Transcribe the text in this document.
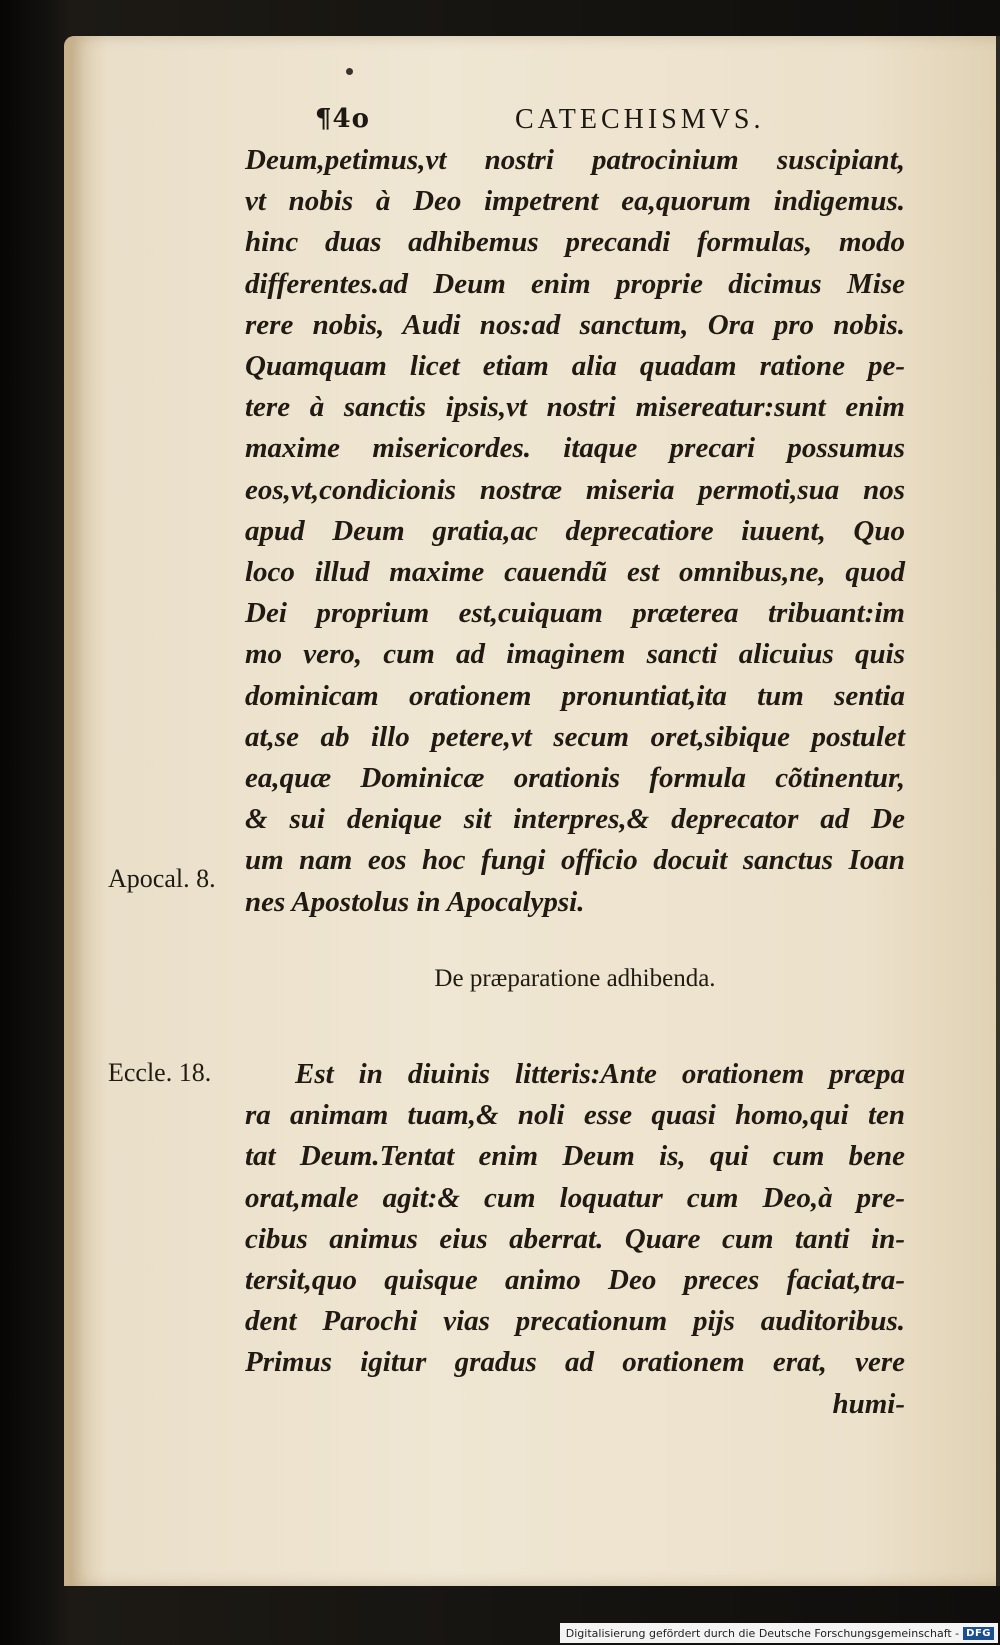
¶4o	CATECHISMVS.
Deum,petimus,vt nostri patrocinium suscipiant,
vt nobis à Deo impetrent ea,quorum indigemus.
hinc duas adhibemus precandi formulas, modo
differentes.ad Deum enim proprie dicimus Mise
rere nobis, Audi nos:ad sanctum, Ora pro nobis.
Quamquam licet etiam alia quadam ratione pe-
tere à sanctis ipsis,vt nostri misereatur:sunt enim
maxime misericordes. itaque precari possumus
eos,vt,condicionis nostræ miseria permoti,sua nos
apud Deum gratia,ac deprecatiore iuuent, Quo
loco illud maxime cauendũ est omnibus,ne, quod
Dei proprium est,cuiquam præterea tribuant:im
mo vero, cum ad imaginem sancti alicuius quis
dominicam orationem pronuntiat,ita tum sentia
at,se ab illo petere,vt secum oret,sibique postulet
ea,quæ Dominicæ orationis formula cõtinentur,
& sui denique sit interpres,& deprecator ad De
um nam eos hoc fungi officio docuit sanctus Ioan
nes Apostolus in Apocalypsi.
Apocal. 8.
De præparatione adhibenda.
Eccle. 18.	Est in diuinis litteris:Ante orationem præpa
ra animam tuam,& noli esse quasi homo,qui ten
tat Deum.Tentat enim Deum is, qui cum bene
orat,male agit:& cum loquatur cum Deo,à pre-
cibus animus eius aberrat. Quare cum tanti in-
tersit,quo quisque animo Deo preces faciat,tra-
dent Parochi vias precationum pijs auditoribus.
Primus igitur gradus ad orationem erat, vere
humi-
Digitalisierung gefördert durch die Deutsche Forschungsgemeinschaft - DFG
